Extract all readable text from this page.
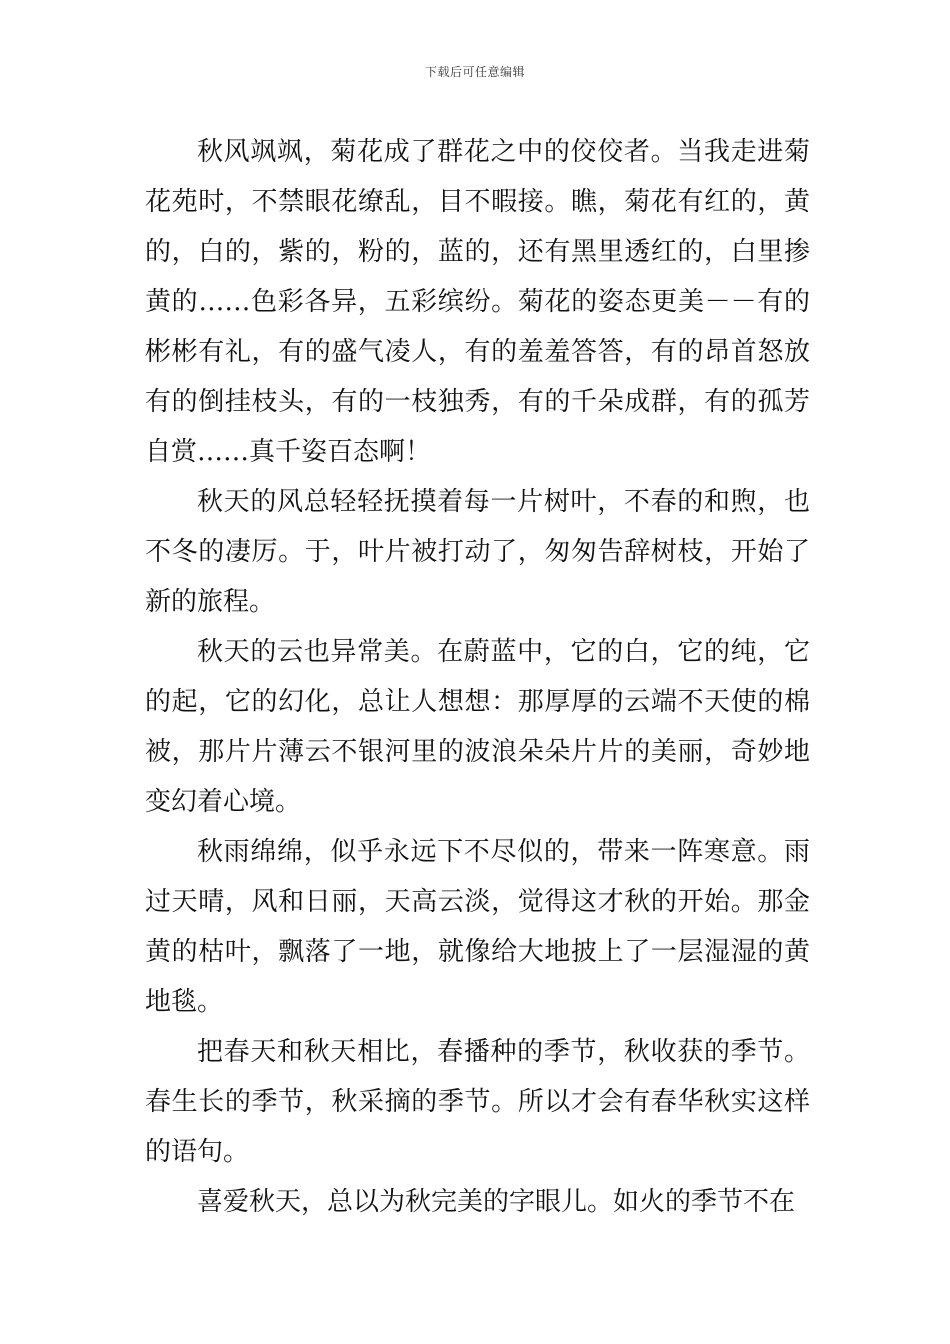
下载后可任意编辑

秋风飒飒，菊花成了群花之中的佼佼者。当我走进菊花苑时，不禁眼花缭乱，目不暇接。瞧，菊花有红的，黄的，白的，紫的，粉的，蓝的，还有黑里透红的，白里掺黄的……色彩各异，五彩缤纷。菊花的姿态更美－－有的彬彬有礼，有的盛气凌人，有的羞羞答答，有的昂首怒放有的倒挂枝头，有的一枝独秀，有的千朵成群，有的孤芳自赏……真千姿百态啊！

秋天的风总轻轻抚摸着每一片树叶，不春的和煦，也不冬的凄厉。于，叶片被打动了，匆匆告辞树枝，开始了新的旅程。

秋天的云也异常美。在蔚蓝中，它的白，它的纯，它的起，它的幻化，总让人想想：那厚厚的云端不天使的棉被，那片片薄云不银河里的波浪朵朵片片的美丽，奇妙地变幻着心境。

秋雨绵绵，似乎永远下不尽似的，带来一阵寒意。雨过天晴，风和日丽，天高云淡，觉得这才秋的开始。那金黄的枯叶，飘落了一地，就像给大地披上了一层湿湿的黄地毯。

把春天和秋天相比，春播种的季节，秋收获的季节。春生长的季节，秋采摘的季节。所以才会有春华秋实这样的语句。

喜爱秋天，总以为秋完美的字眼儿。如火的季节不在
